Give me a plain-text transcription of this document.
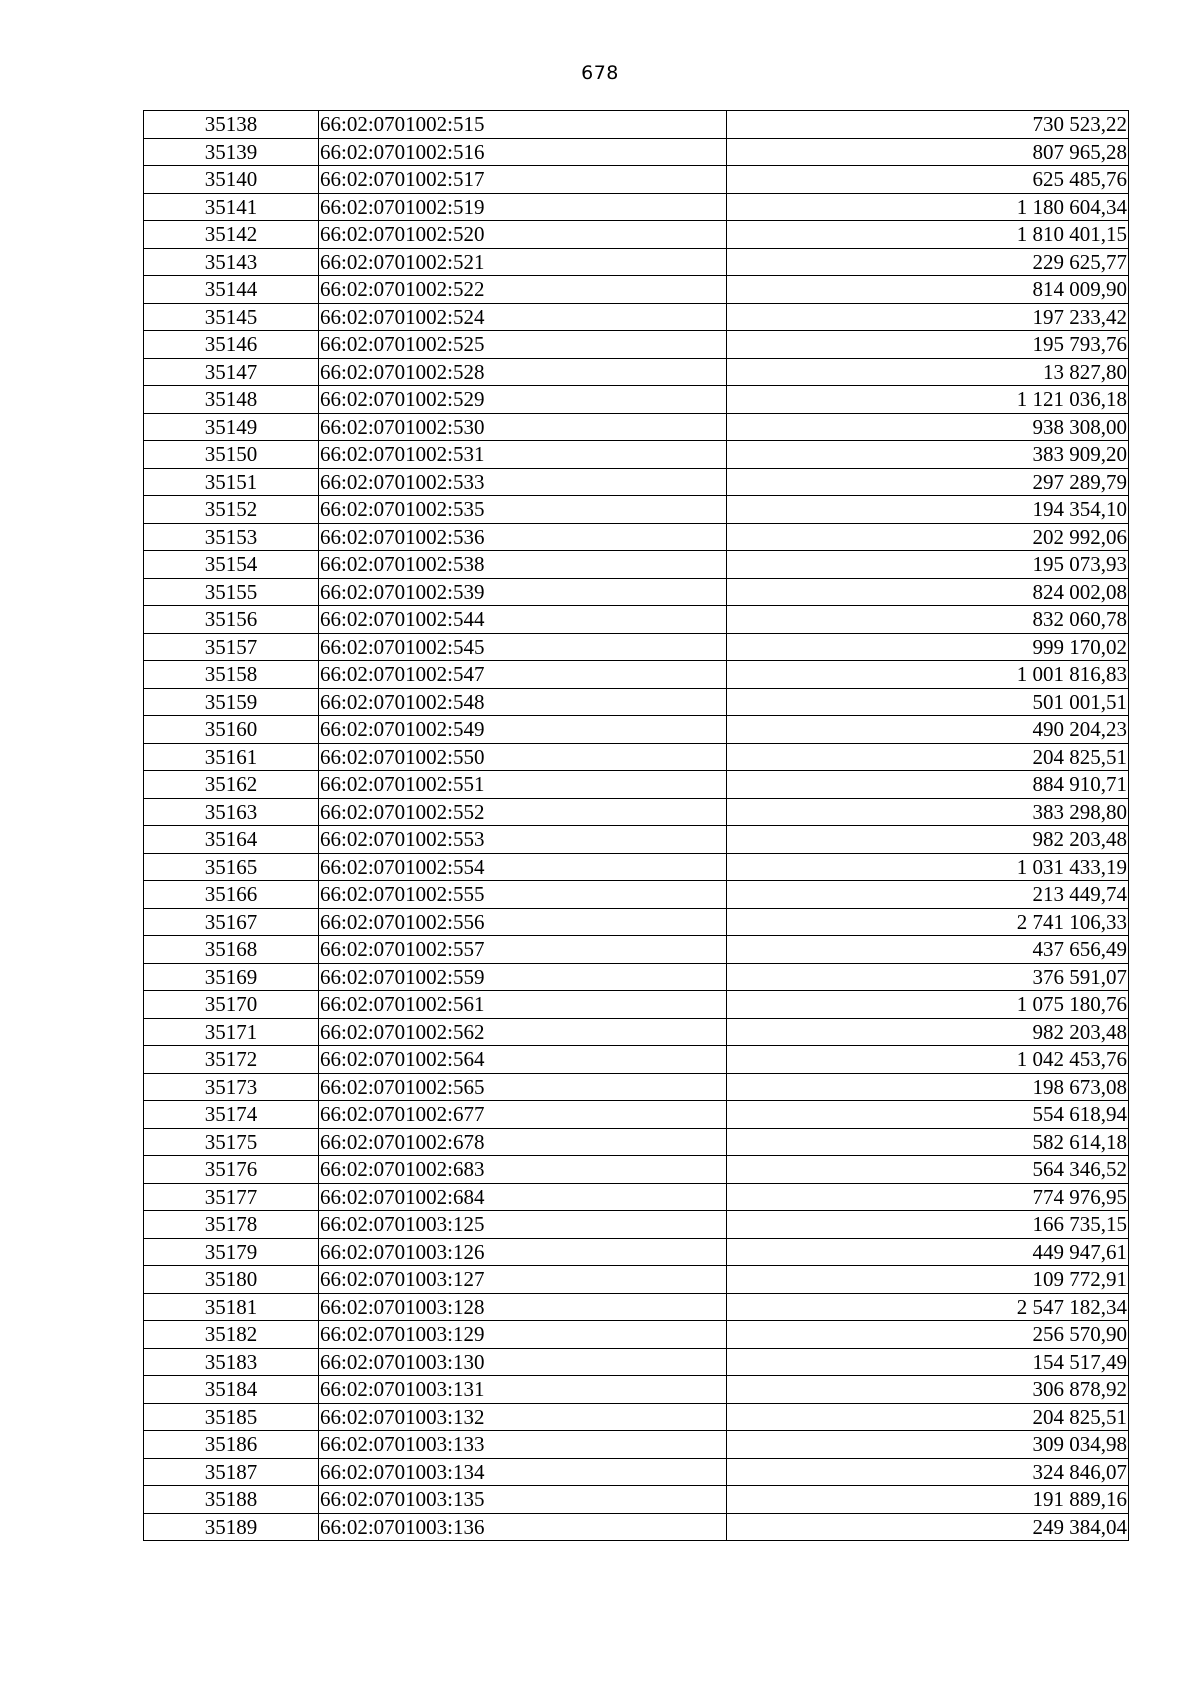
678
35138	66:02:0701002:515	730 523,22
35139	66:02:0701002:516	807 965,28
35140	66:02:0701002:517	625 485,76
35141	66:02:0701002:519	1 180 604,34
35142	66:02:0701002:520	1 810 401,15
35143	66:02:0701002:521	229 625,77
35144	66:02:0701002:522	814 009,90
35145	66:02:0701002:524	197 233,42
35146	66:02:0701002:525	195 793,76
35147	66:02:0701002:528	13 827,80
35148	66:02:0701002:529	1 121 036,18
35149	66:02:0701002:530	938 308,00
35150	66:02:0701002:531	383 909,20
35151	66:02:0701002:533	297 289,79
35152	66:02:0701002:535	194 354,10
35153	66:02:0701002:536	202 992,06
35154	66:02:0701002:538	195 073,93
35155	66:02:0701002:539	824 002,08
35156	66:02:0701002:544	832 060,78
35157	66:02:0701002:545	999 170,02
35158	66:02:0701002:547	1 001 816,83
35159	66:02:0701002:548	501 001,51
35160	66:02:0701002:549	490 204,23
35161	66:02:0701002:550	204 825,51
35162	66:02:0701002:551	884 910,71
35163	66:02:0701002:552	383 298,80
35164	66:02:0701002:553	982 203,48
35165	66:02:0701002:554	1 031 433,19
35166	66:02:0701002:555	213 449,74
35167	66:02:0701002:556	2 741 106,33
35168	66:02:0701002:557	437 656,49
35169	66:02:0701002:559	376 591,07
35170	66:02:0701002:561	1 075 180,76
35171	66:02:0701002:562	982 203,48
35172	66:02:0701002:564	1 042 453,76
35173	66:02:0701002:565	198 673,08
35174	66:02:0701002:677	554 618,94
35175	66:02:0701002:678	582 614,18
35176	66:02:0701002:683	564 346,52
35177	66:02:0701002:684	774 976,95
35178	66:02:0701003:125	166 735,15
35179	66:02:0701003:126	449 947,61
35180	66:02:0701003:127	109 772,91
35181	66:02:0701003:128	2 547 182,34
35182	66:02:0701003:129	256 570,90
35183	66:02:0701003:130	154 517,49
35184	66:02:0701003:131	306 878,92
35185	66:02:0701003:132	204 825,51
35186	66:02:0701003:133	309 034,98
35187	66:02:0701003:134	324 846,07
35188	66:02:0701003:135	191 889,16
35189	66:02:0701003:136	249 384,04
